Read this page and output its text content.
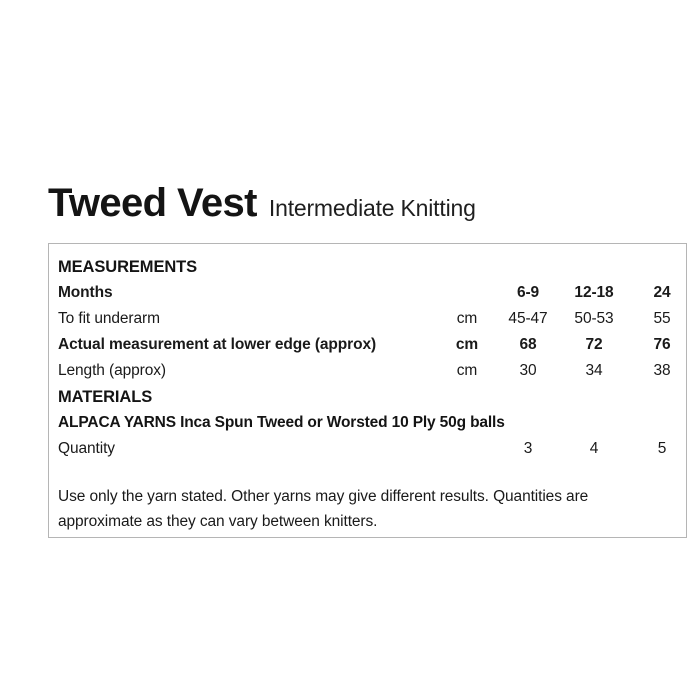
Tweed Vest Intermediate Knitting
MEASUREMENTS
Months		6-9	12-18	24
To fit underarm	cm	45-47	50-53	55
Actual measurement at lower edge (approx)	cm	68	72	76
Length (approx)	cm	30	34	38
MATERIALS
ALPACA YARNS Inca Spun Tweed or Worsted 10 Ply 50g balls
Quantity		3	4	5
Use only the yarn stated. Other yarns may give different results. Quantities are approximate as they can vary between knitters.
